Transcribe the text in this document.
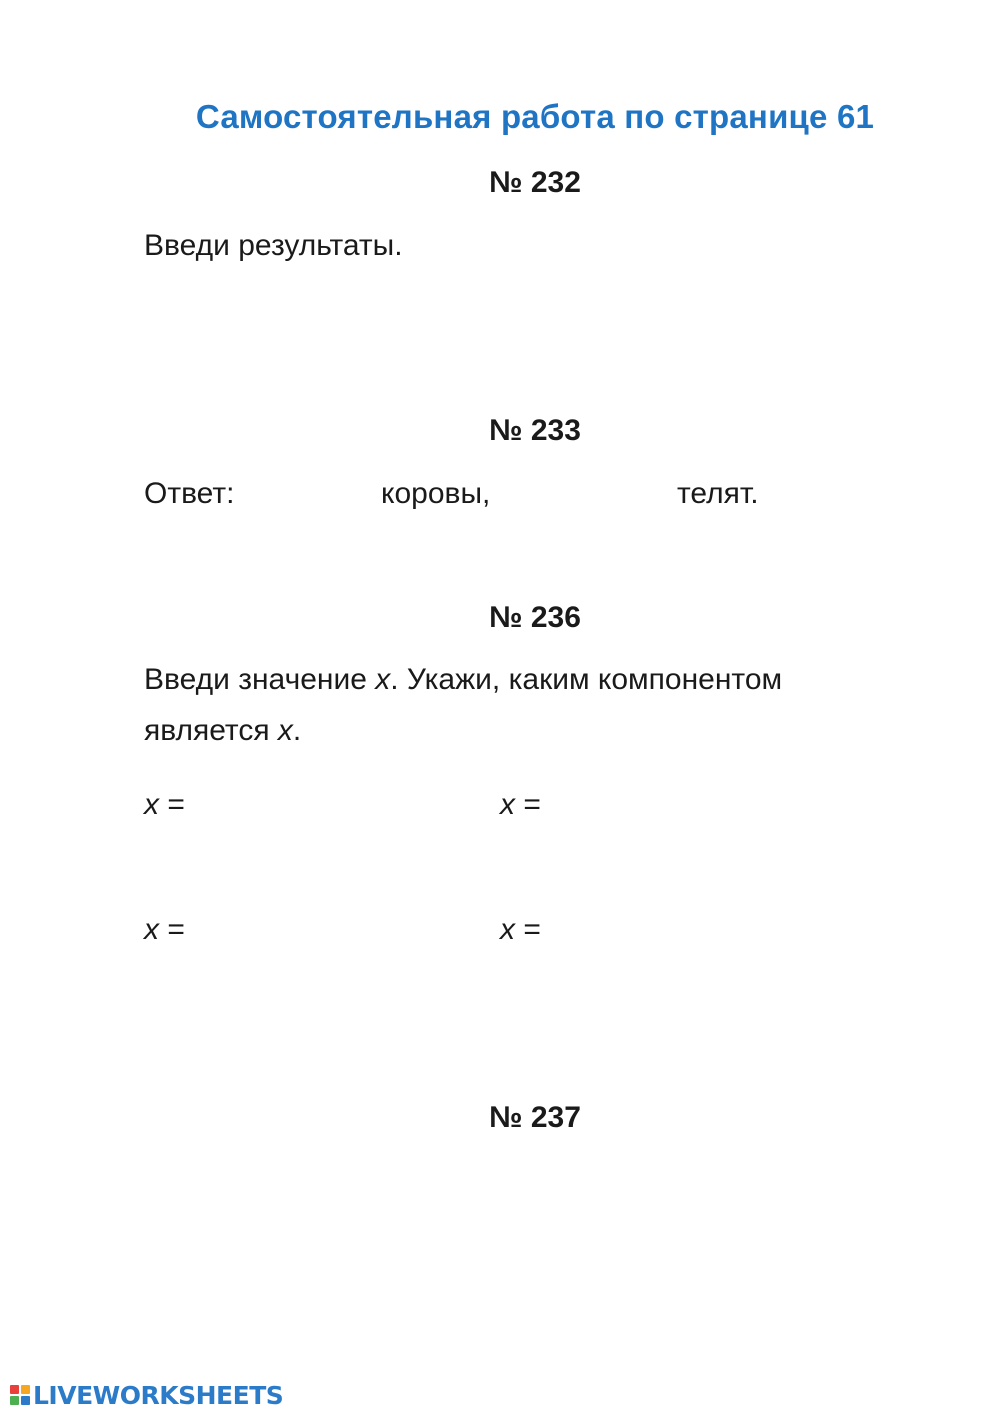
Самостоятельная работа по странице 61
№ 232
Введи результаты.
№ 233
Ответ:	коровы,	телят.
№ 236
Введи значение x. Укажи, каким компонентом
является x.
x =	x =
x =	x =
№ 237
LIVEWORKSHEETS
